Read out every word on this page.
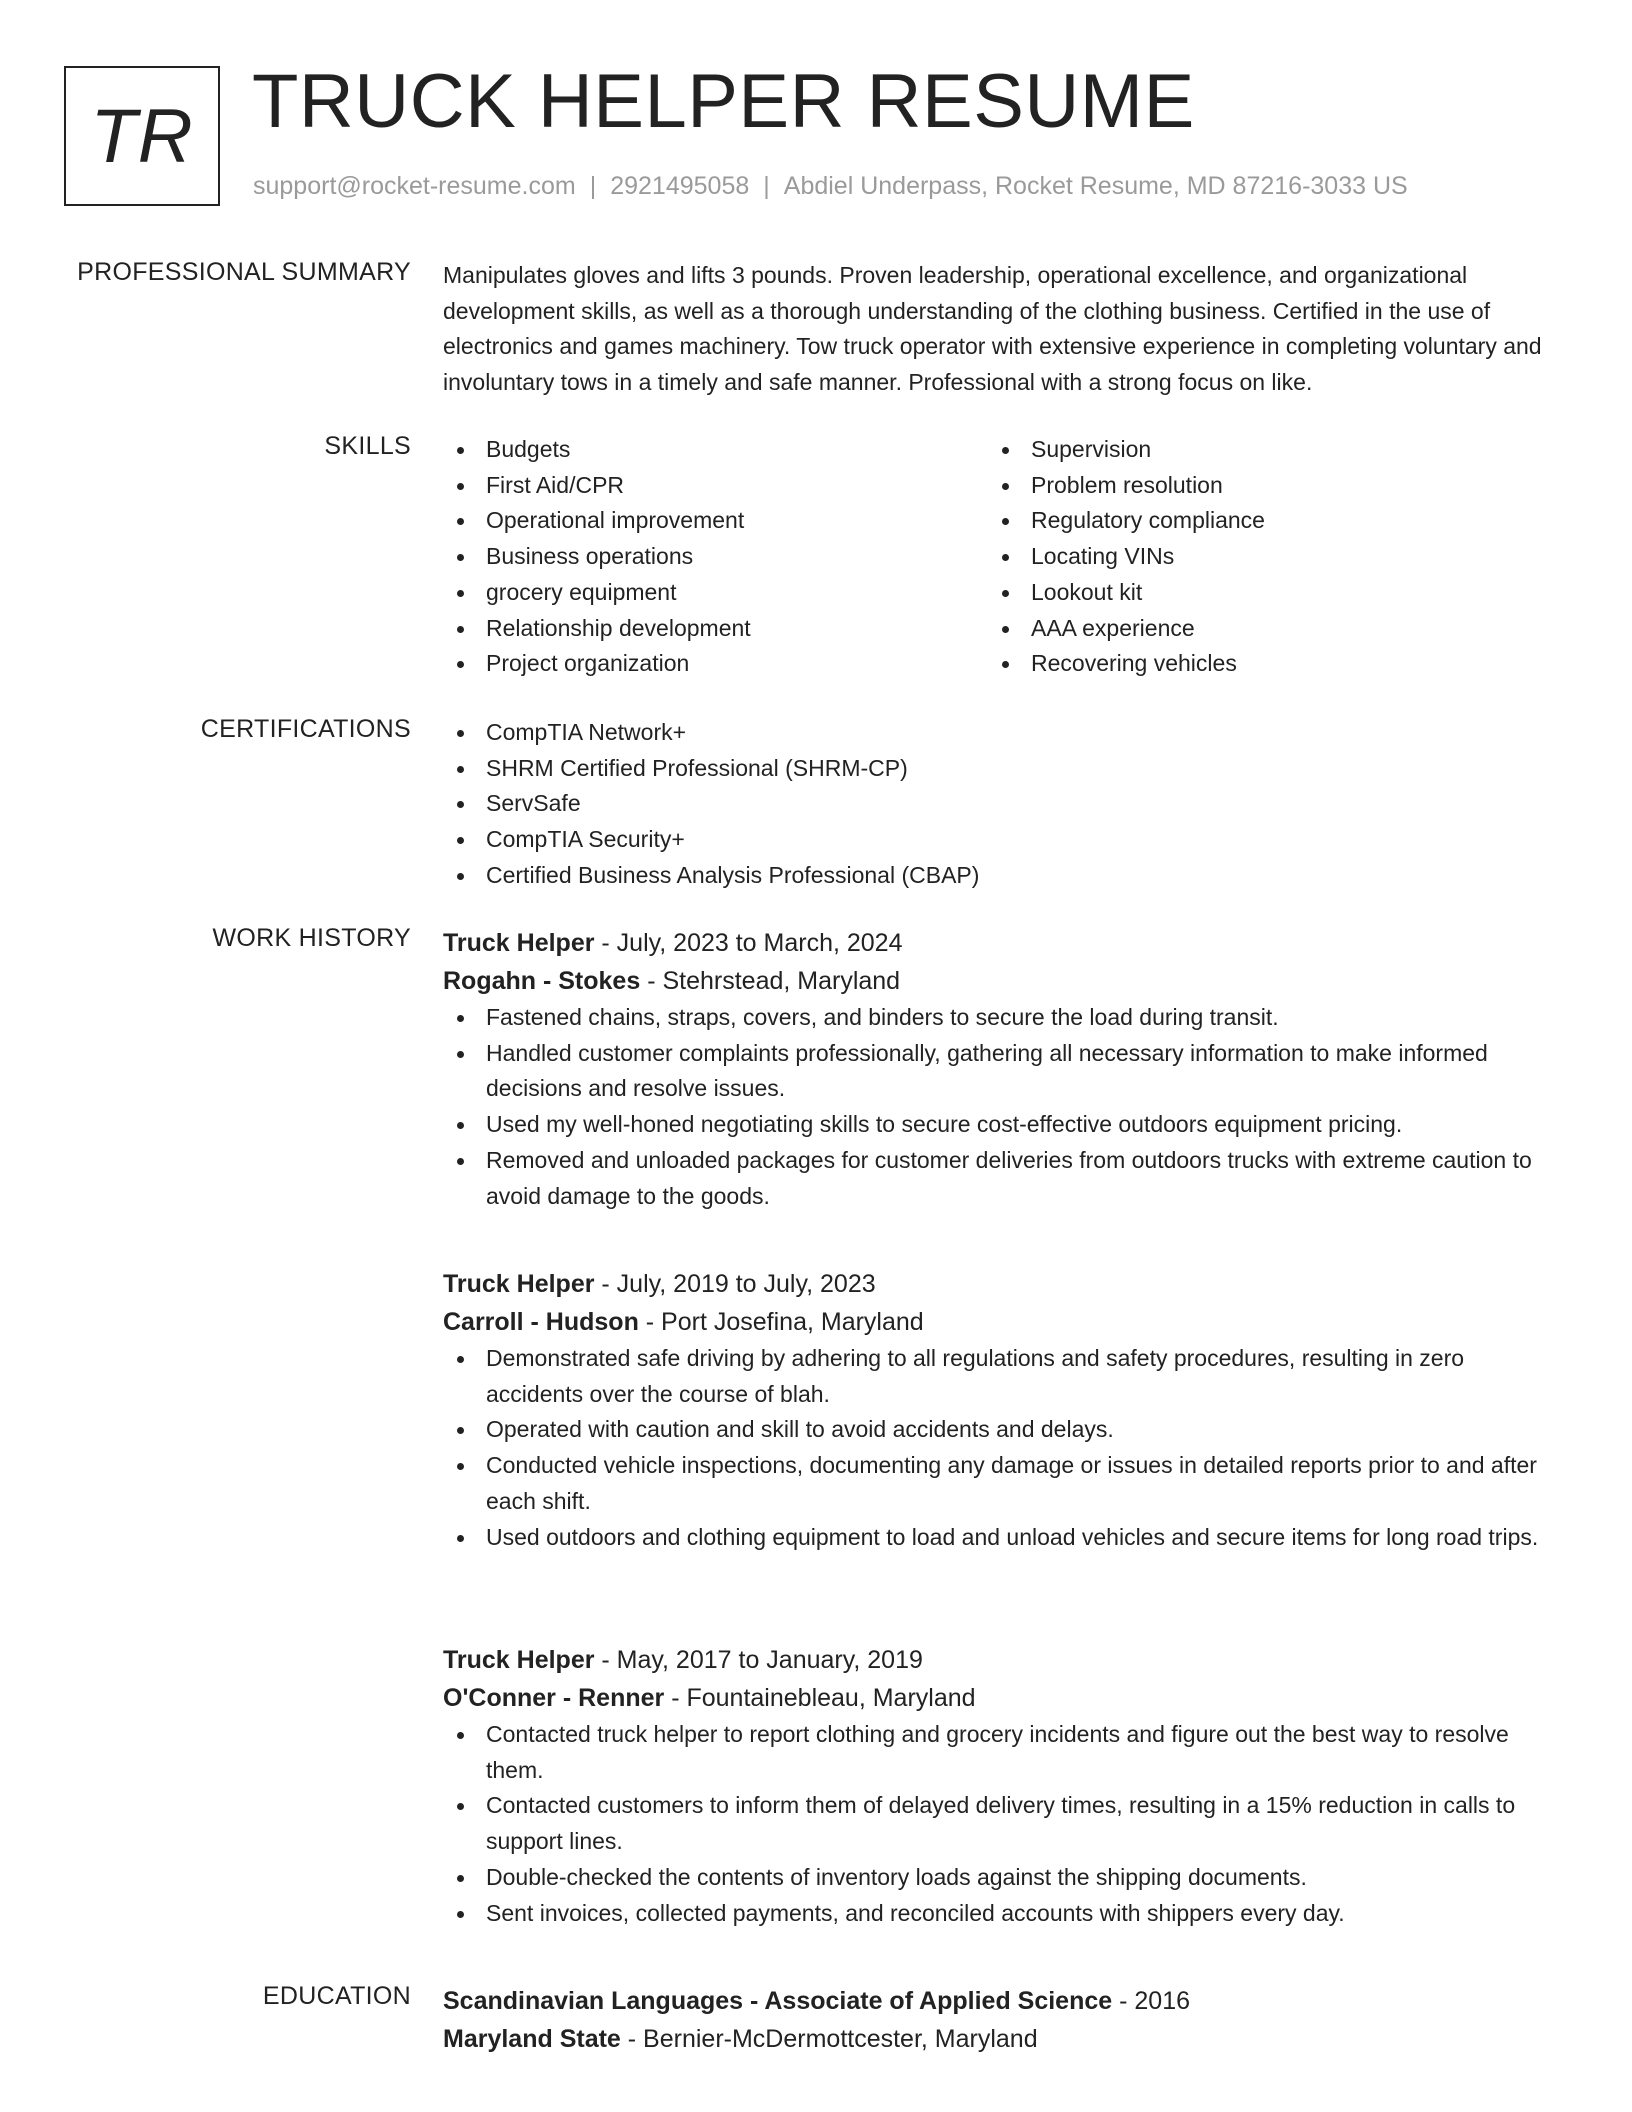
TR TRUCK HELPER RESUME
support@rocket-resume.com | 2921495058 | Abdiel Underpass, Rocket Resume, MD 87216-3033 US
PROFESSIONAL SUMMARY Manipulates gloves and lifts 3 pounds. Proven leadership, operational excellence, and organizational development skills, as well as a thorough understanding of the clothing business. Certified in the use of electronics and games machinery. Tow truck operator with extensive experience in completing voluntary and involuntary tows in a timely and safe manner. Professional with a strong focus on like.

SKILLS	Budgets
First Aid/CPR
Operational improvement
Business operations
grocery equipment
Relationship development
Project organization
Supervision
Problem resolution
Regulatory compliance
Locating VINs
Lookout kit
AAA experience
Recovering vehicles
CERTIFICATIONS	CompTIA Network+
SHRM Certified Professional (SHRM-CP)
ServSafe
CompTIA Security+
Certified Business Analysis Professional (CBAP)
WORK HISTORY Truck Helper - July, 2023 to March, 2024
Rogahn - Stokes - Stehrstead, Maryland
Fastened chains, straps, covers, and binders to secure the load during transit.
Handled customer complaints professionally, gathering all necessary information to make informed decisions and resolve issues.
Used my well-honed negotiating skills to secure cost-effective outdoors equipment pricing.
Removed and unloaded packages for customer deliveries from outdoors trucks with extreme caution to avoid damage to the goods.
Truck Helper - July, 2019 to July, 2023
Carroll - Hudson - Port Josefina, Maryland
Demonstrated safe driving by adhering to all regulations and safety procedures, resulting in zero accidents over the course of blah.
Operated with caution and skill to avoid accidents and delays.
Conducted vehicle inspections, documenting any damage or issues in detailed reports prior to and after each shift.
Used outdoors and clothing equipment to load and unload vehicles and secure items for long road trips.
Truck Helper - May, 2017 to January, 2019
O'Conner - Renner - Fountainebleau, Maryland
Contacted truck helper to report clothing and grocery incidents and figure out the best way to resolve them.
Contacted customers to inform them of delayed delivery times, resulting in a 15% reduction in calls to support lines.
Double-checked the contents of inventory loads against the shipping documents.
Sent invoices, collected payments, and reconciled accounts with shippers every day.
EDUCATION Scandinavian Languages - Associate of Applied Science - 2016
Maryland State - Bernier-McDermottcester, Maryland
